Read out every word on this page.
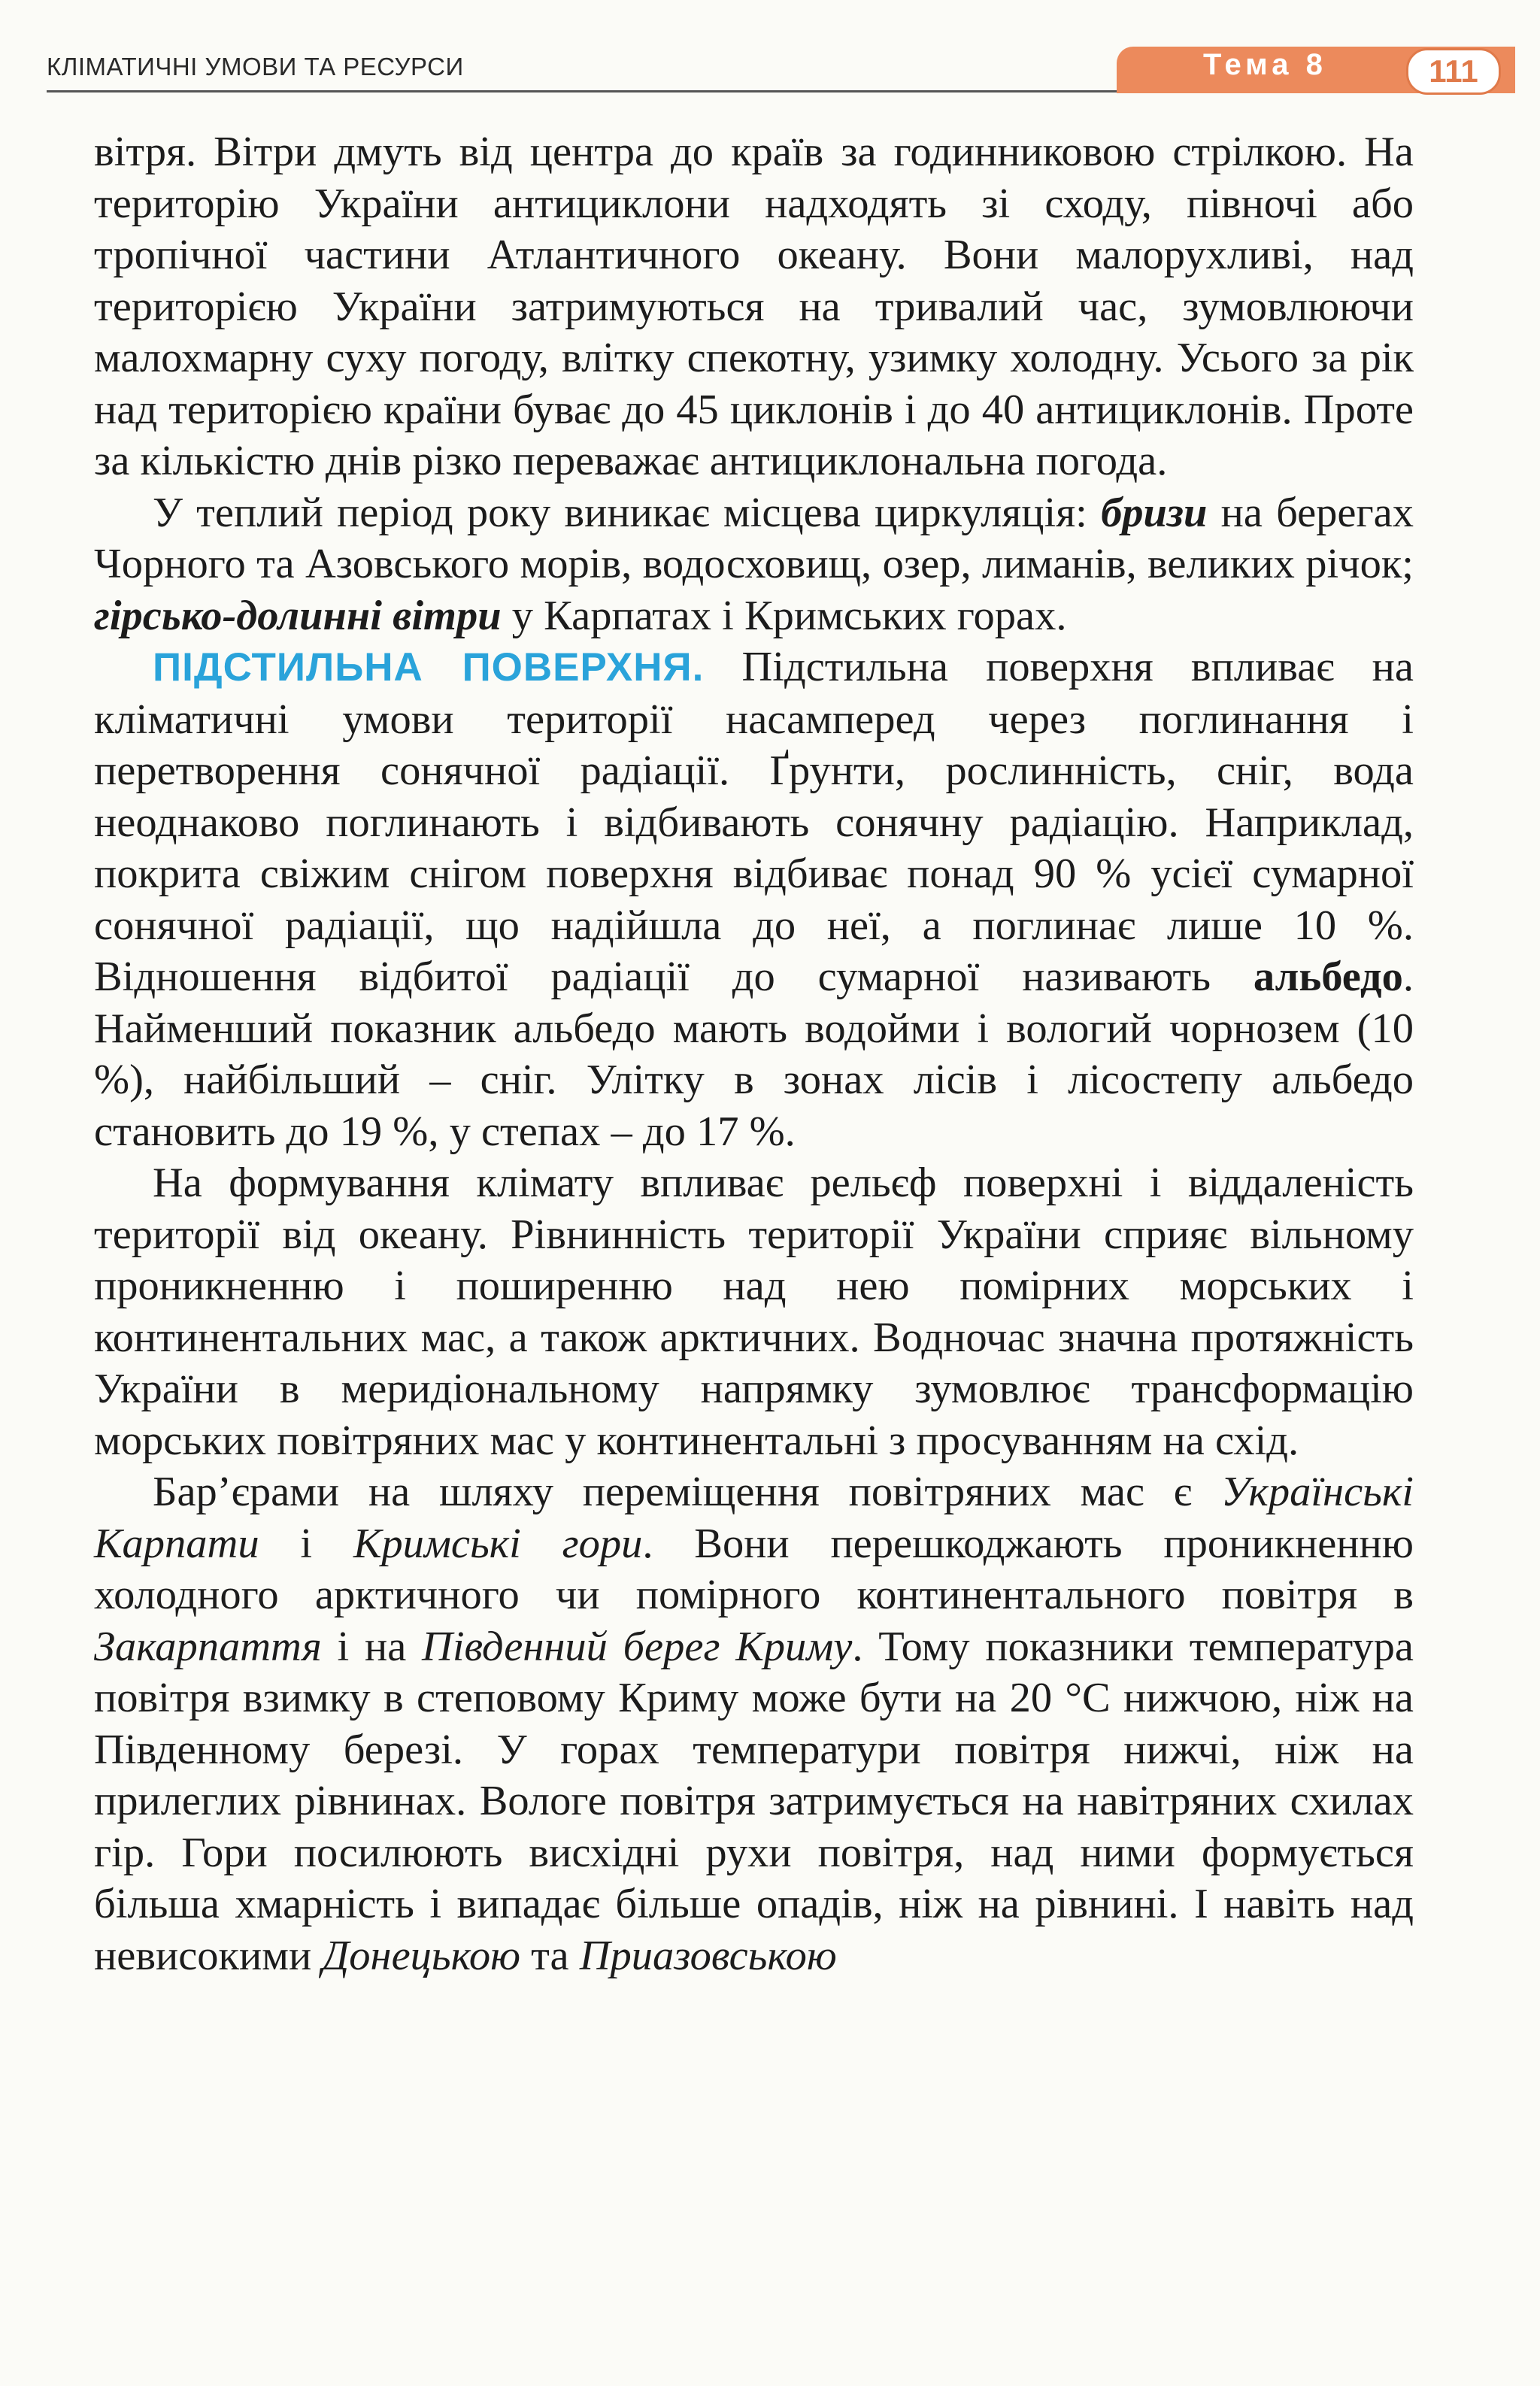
КЛІМАТИЧНІ УМОВИ ТА РЕСУРСИ	Тема 8	111

вітря. Вітри дмуть від центра до країв за годинниковою стрілкою. На територію України антициклони надходять зі сходу, півночі або тропічної частини Атлантичного океану. Вони малорухливі, над територією України затримуються на тривалий час, зумовлюючи малохмарну суху погоду, влітку спекотну, узимку холодну. Усього за рік над територією країни буває до 45 циклонів і до 40 антициклонів. Проте за кількістю днів різко переважає антициклональна погода.

У теплий період року виникає місцева циркуляція: бризи на берегах Чорного та Азовського морів, водосховищ, озер, лиманів, великих річок; гірсько-долинні вітри у Карпатах і Кримських горах.

ПІДСТИЛЬНА ПОВЕРХНЯ. Підстильна поверхня впливає на кліматичні умови території насамперед через поглинання і перетворення сонячної радіації. Ґрунти, рослинність, сніг, вода неоднаково поглинають і відбивають сонячну радіацію. Наприклад, покрита свіжим снігом поверхня відбиває понад 90 % усієї сумарної сонячної радіації, що надійшла до неї, а поглинає лише 10 %. Відношення відбитої радіації до сумарної називають альбедо. Найменший показник альбедо мають водойми і вологий чорнозем (10 %), найбільший – сніг. Улітку в зонах лісів і лісостепу альбедо становить до 19 %, у степах – до 17 %.

На формування клімату впливає рельєф поверхні і віддаленість території від океану. Рівнинність території України сприяє вільному проникненню і поширенню над нею помірних морських і континентальних мас, а також арктичних. Водночас значна протяжність України в меридіональному напрямку зумовлює трансформацію морських повітряних мас у континентальні з просуванням на схід.

Бар’єрами на шляху переміщення повітряних мас є Українські Карпати і Кримські гори. Вони перешкоджають проникненню холодного арктичного чи помірного континентального повітря в Закарпаття і на Південний берег Криму. Тому показники температура повітря взимку в степовому Криму може бути на 20 °С нижчою, ніж на Південному березі. У горах температури повітря нижчі, ніж на прилеглих рівнинах. Вологе повітря затримується на навітряних схилах гір. Гори посилюють висхідні рухи повітря, над ними формується більша хмарність і випадає більше опадів, ніж на рівнині. І навіть над невисокими Донецькою та Приазовською
